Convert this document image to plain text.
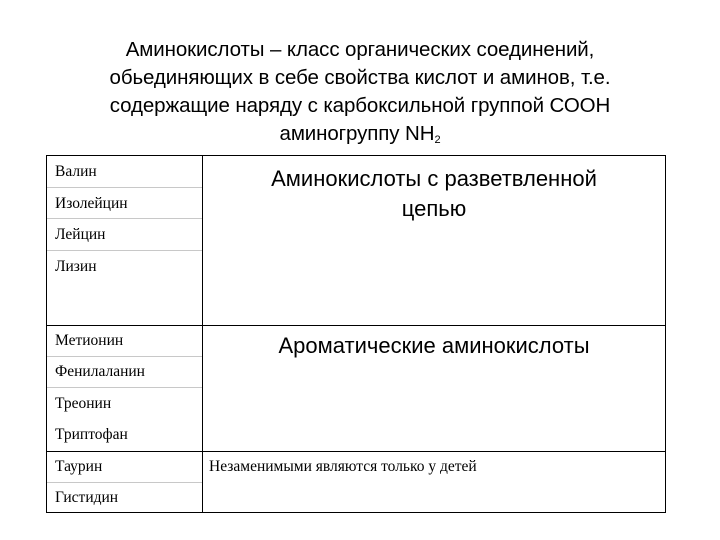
Аминокислоты – класс органических соединений,
обьединяющих в себе свойства кислот и аминов, т.е.
содержащие наряду с карбоксильной группой СООН
аминогруппу $NH_2$
Валин
Изолейцин
Лейцин
Лизин
Аминокислоты с разветвленной
цепью
Метионин
Фенилаланин
Треонин
Триптофан
Ароматические аминокислоты
Таурин
Гистидин
Незаменимыми являются только у детей
